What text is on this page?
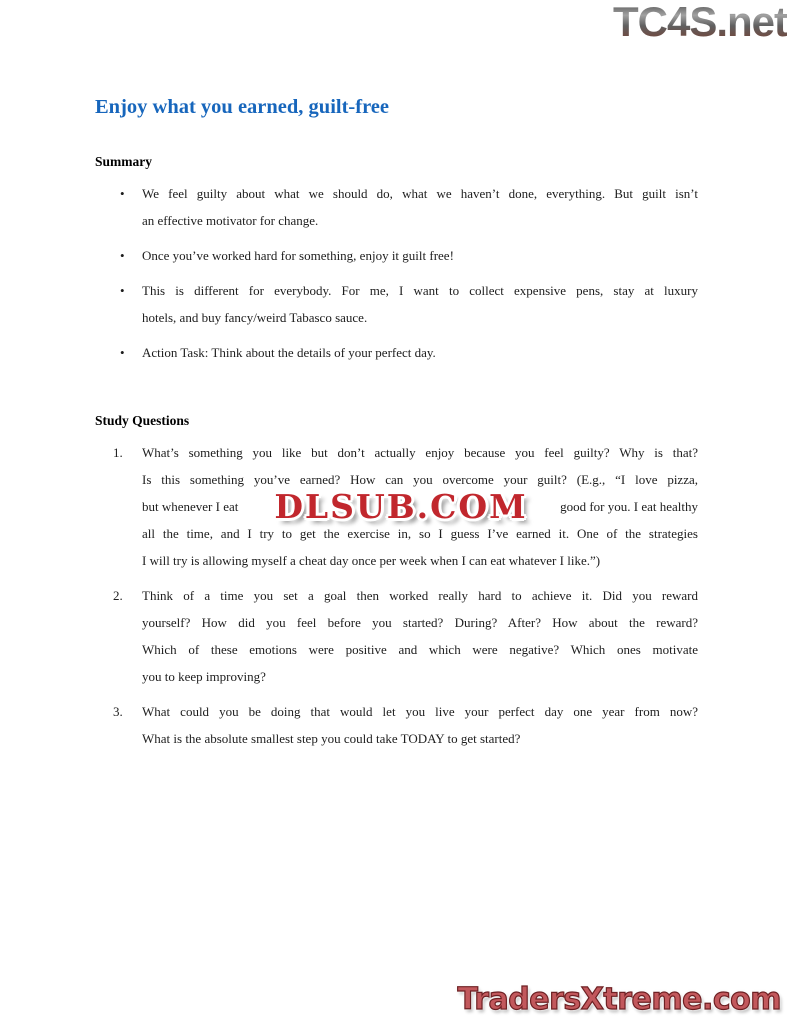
TC4S.net
Enjoy what you earned, guilt-free
Summary
•	We feel guilty about what we should do, what we haven’t done, everything. But guilt isn’t
an effective motivator for change.
•	Once you’ve worked hard for something, enjoy it guilt free!
•	This is different for everybody. For me, I want to collect expensive pens, stay at luxury
hotels, and buy fancy/weird Tabasco sauce.
•	Action Task: Think about the details of your perfect day.
Study Questions
1.	What’s something you like but don’t actually enjoy because you feel guilty? Why is that?
Is this something you’ve earned? How can you overcome your guilt? (E.g., “I love pizza,
but whenever I eat	DLSUB.COM	good for you. I eat healthy
all the time, and I try to get the exercise in, so I guess I’ve earned it. One of the strategies
I will try is allowing myself a cheat day once per week when I can eat whatever I like.”)
2.	Think of a time you set a goal then worked really hard to achieve it. Did you reward
yourself? How did you feel before you started? During? After? How about the reward?
Which of these emotions were positive and which were negative? Which ones motivate
you to keep improving?
3.	What could you be doing that would let you live your perfect day one year from now?
What is the absolute smallest step you could take TODAY to get started?
TradersXtreme.com
